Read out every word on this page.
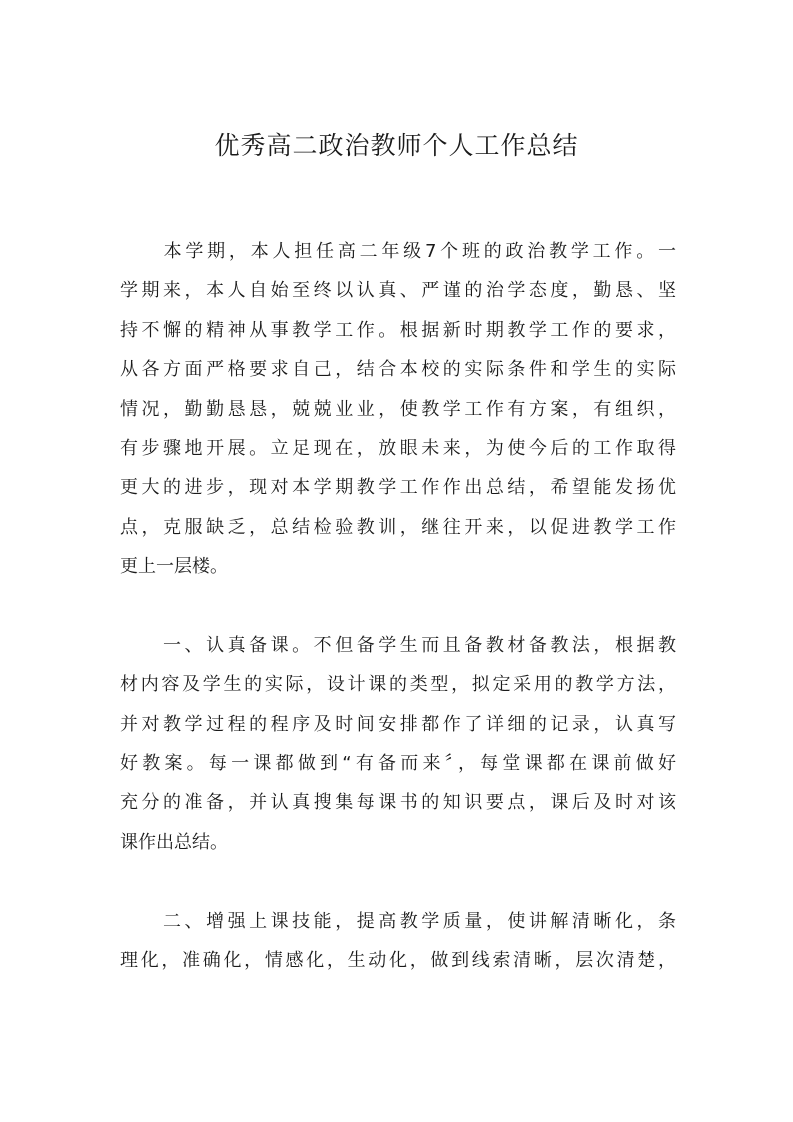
优秀高二政治教师个人工作总结
　　本学期，本人担任高二年级7个班的政治教学工作。一
学期来，本人自始至终以认真、严谨的治学态度，勤恳、坚
持不懈的精神从事教学工作。根据新时期教学工作的要求，
从各方面严格要求自己，结合本校的实际条件和学生的实际
情况，勤勤恳恳，兢兢业业，使教学工作有方案，有组织，
有步骤地开展。立足现在，放眼未来，为使今后的工作取得
更大的进步，现对本学期教学工作作出总结，希望能发扬优
点，克服缺乏，总结检验教训，继往开来，以促进教学工作
更上一层楼。
　　一、认真备课。不但备学生而且备教材备教法，根据教
材内容及学生的实际，设计课的类型，拟定采用的教学方法，
并对教学过程的程序及时间安排都作了详细的记录，认真写
好教案。每一课都做到“有备而来〞，每堂课都在课前做好
充分的准备，并认真搜集每课书的知识要点，课后及时对该
课作出总结。
　　二、增强上课技能，提高教学质量，使讲解清晰化，条
理化，准确化，情感化，生动化，做到线索清晰，层次清楚，
